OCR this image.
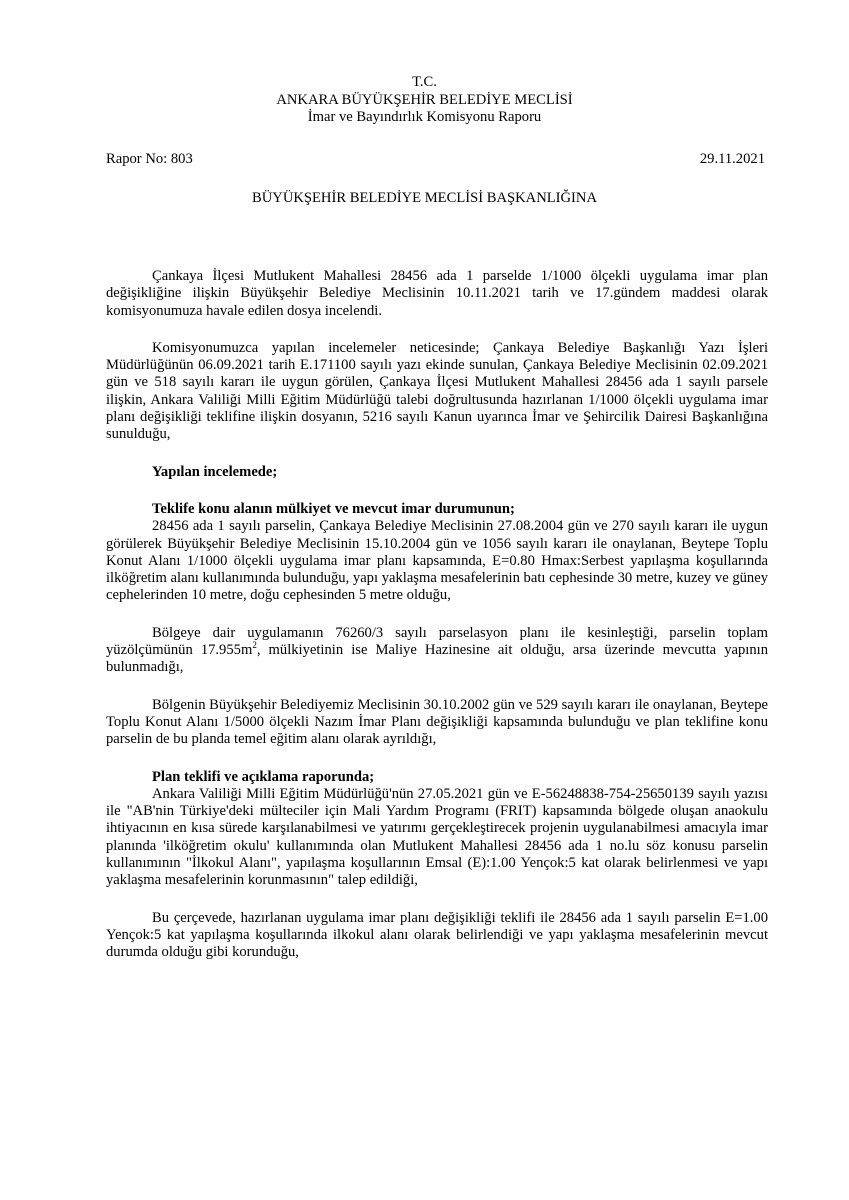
T.C.
ANKARA BÜYÜKŞEHİR BELEDİYE MECLİSİ
İmar ve Bayındırlık Komisyonu Raporu
Rapor No: 803	29.11.2021
BÜYÜKŞEHİR BELEDİYE MECLİSİ BAŞKANLIĞINA

Çankaya İlçesi Mutlukent Mahallesi 28456 ada 1 parselde 1/1000 ölçekli uygulama imar plan değişikliğine ilişkin Büyükşehir Belediye Meclisinin 10.11.2021 tarih ve 17.gündem maddesi olarak komisyonumuza havale edilen dosya incelendi.

Komisyonumuzca yapılan incelemeler neticesinde; Çankaya Belediye Başkanlığı Yazı İşleri Müdürlüğünün 06.09.2021 tarih E.171100 sayılı yazı ekinde sunulan, Çankaya Belediye Meclisinin 02.09.2021 gün ve 518 sayılı kararı ile uygun görülen, Çankaya İlçesi Mutlukent Mahallesi 28456 ada 1 sayılı parsele ilişkin, Ankara Valiliği Milli Eğitim Müdürlüğü talebi doğrultusunda hazırlanan 1/1000 ölçekli uygulama imar planı değişikliği teklifine ilişkin dosyanın, 5216 sayılı Kanun uyarınca İmar ve Şehircilik Dairesi Başkanlığına sunulduğu,

Yapılan incelemede;

Teklife konu alanın mülkiyet ve mevcut imar durumunun;

28456 ada 1 sayılı parselin, Çankaya Belediye Meclisinin 27.08.2004 gün ve 270 sayılı kararı ile uygun görülerek Büyükşehir Belediye Meclisinin 15.10.2004 gün ve 1056 sayılı kararı ile onaylanan, Beytepe Toplu Konut Alanı 1/1000 ölçekli uygulama imar planı kapsamında, E=0.80 Hmax:Serbest yapılaşma koşullarında ilköğretim alanı kullanımında bulunduğu, yapı yaklaşma mesafelerinin batı cephesinde 30 metre, kuzey ve güney cephelerinden 10 metre, doğu cephesinden 5 metre olduğu,

Bölgeye dair uygulamanın 76260/3 sayılı parselasyon planı ile kesinleştiği, parselin toplam yüzölçümünün $17.955m^2$, mülkiyetinin ise Maliye Hazinesine ait olduğu, arsa üzerinde mevcutta yapının bulunmadığı,

Bölgenin Büyükşehir Belediyemiz Meclisinin 30.10.2002 gün ve 529 sayılı kararı ile onaylanan, Beytepe Toplu Konut Alanı 1/5000 ölçekli Nazım İmar Planı değişikliği kapsamında bulunduğu ve plan teklifine konu parselin de bu planda temel eğitim alanı olarak ayrıldığı,

Plan teklifi ve açıklama raporunda;

Ankara Valiliği Milli Eğitim Müdürlüğü'nün 27.05.2021 gün ve E-56248838-754-25650139 sayılı yazısı ile "AB'nin Türkiye'deki mülteciler için Mali Yardım Programı (FRIT) kapsamında bölgede oluşan anaokulu ihtiyacının en kısa sürede karşılanabilmesi ve yatırımı gerçekleştirecek projenin uygulanabilmesi amacıyla imar planında 'ilköğretim okulu' kullanımında olan Mutlukent Mahallesi 28456 ada 1 no.lu söz konusu parselin kullanımının "İlkokul Alanı", yapılaşma koşullarının Emsal (E):1.00 Yençok:5 kat olarak belirlenmesi ve yapı yaklaşma mesafelerinin korunmasının" talep edildiği,

Bu çerçevede, hazırlanan uygulama imar planı değişikliği teklifi ile 28456 ada 1 sayılı parselin E=1.00 Yençok:5 kat yapılaşma koşullarında ilkokul alanı olarak belirlendiği ve yapı yaklaşma mesafelerinin mevcut durumda olduğu gibi korunduğu,
